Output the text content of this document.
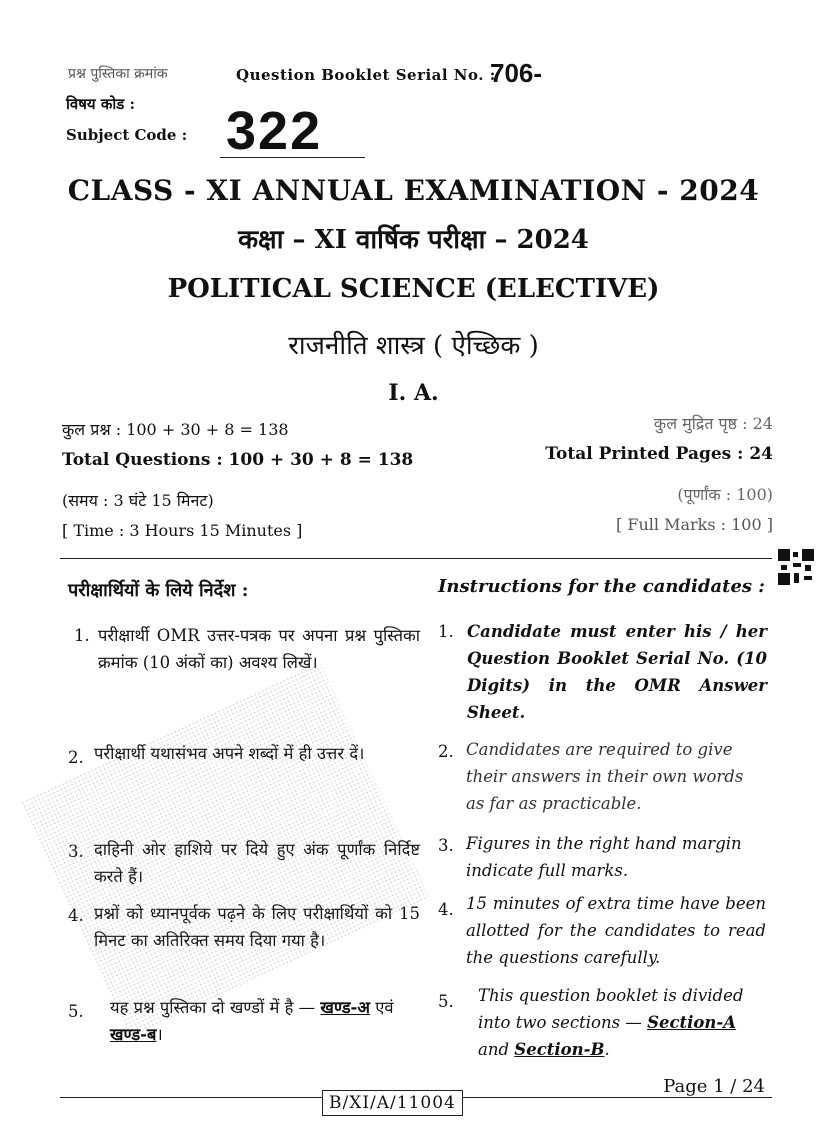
प्रश्न पुस्तिका क्रमांक	Question Booklet Serial No. :
706-
विषय कोड :
Subject Code : 322
CLASS - XI ANNUAL EXAMINATION - 2024
कक्षा – XI वार्षिक परीक्षा – 2024
POLITICAL SCIENCE (ELECTIVE)
राजनीति शास्त्र ( ऐच्छिक )
I. A.
कुल प्रश्न : 100 + 30 + 8 = 138
Total Questions : 100 + 30 + 8 = 138
कुल मुद्रित पृष्ठ : 24
Total Printed Pages : 24
(समय : 3 घंटे 15 मिनट)
[ Time : 3 Hours 15 Minutes ]
(पूर्णांक : 100)
[ Full Marks : 100 ]
परीक्षार्थियों के लिये निर्देश :	Instructions for the candidates :
1. परीक्षार्थी OMR उत्तर-पत्रक पर अपना प्रश्न पुस्तिका क्रमांक (10 अंकों का) अवश्य लिखें।
1. Candidate must enter his / her Question Booklet Serial No. (10 Digits) in the OMR Answer Sheet.
2. परीक्षार्थी यथासंभव अपने शब्दों में ही उत्तर दें।	2. Candidates are required to give their answers in their own words as far as practicable.
3. दाहिनी ओर हाशिये पर दिये हुए अंक पूर्णांक निर्दिष्ट करते हैं।
3. Figures in the right hand margin indicate full marks.
4. प्रश्नों को ध्यानपूर्वक पढ़ने के लिए परीक्षार्थियों को 15 मिनट का अतिरिक्त समय दिया गया है।
4. 15 minutes of extra time have been allotted for the candidates to read the questions carefully.
5. यह प्रश्न पुस्तिका दो खण्डों में है — खण्ड-अ एवं खण्ड-ब।
5. This question booklet is divided into two sections — Section-A and Section-B.
B/XI/A/11004
Page 1 / 24
